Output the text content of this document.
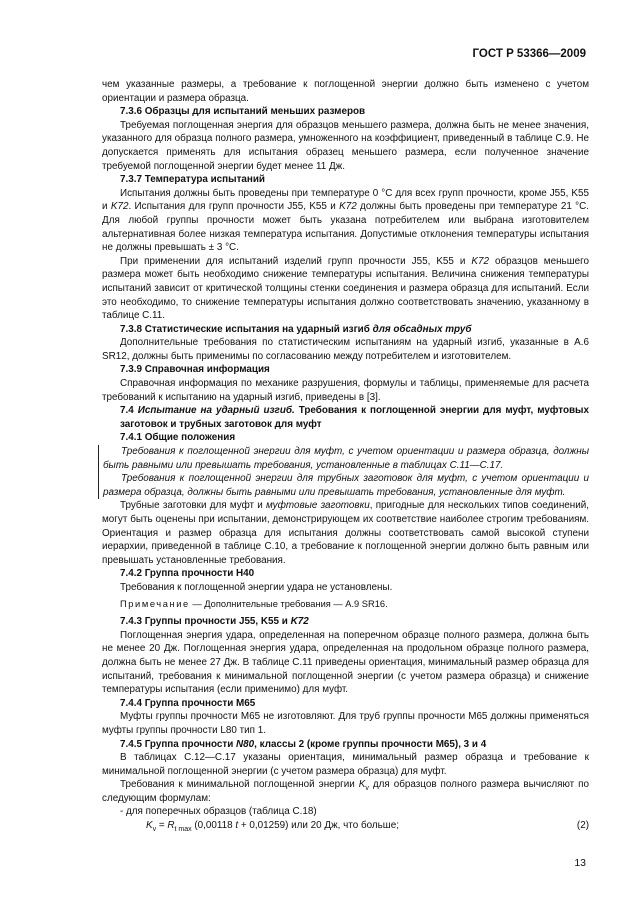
ГОСТ Р 53366—2009

чем указанные размеры, а требование к поглощенной энергии должно быть изменено с учетом ориентации и размера образца.

7.3.6 Образцы для испытаний меньших размеров

Требуемая поглощенная энергия для образцов меньшего размера, должна быть не менее значения, указанного для образца полного размера, умноженного на коэффициент, приведенный в таблице С.9. Не допускается применять для испытания образец меньшего размера, если полученное значение требуемой поглощенной энергии будет менее 11 Дж.

7.3.7 Температура испытаний

Испытания должны быть проведены при температуре 0 °С для всех групп прочности, кроме J55, K55 и K72. Испытания для групп прочности J55, K55 и K72 должны быть проведены при температуре 21 °С. Для любой группы прочности может быть указана потребителем или выбрана изготовителем альтернативная более низкая температура испытания. Допустимые отклонения температуры испытания не должны превышать ± 3 °С.

При применении для испытаний изделий групп прочности J55, K55 и K72 образцов меньшего размера может быть необходимо снижение температуры испытания. Величина снижения температуры испытаний зависит от критической толщины стенки соединения и размера образца для испытаний. Если это необходимо, то снижение температуры испытания должно соответствовать значению, указанному в таблице С.11.

7.3.8 Статистические испытания на ударный изгиб для обсадных труб

Дополнительные требования по статистическим испытаниям на ударный изгиб, указанные в А.6 SR12, должны быть применимы по согласованию между потребителем и изготовителем.

7.3.9 Справочная информация

Справочная информация по механике разрушения, формулы и таблицы, применяемые для расчета требований к испытанию на ударный изгиб, приведены в [3].

7.4 Испытание на ударный изгиб. Требования к поглощенной энергии для муфт, муфтовых заготовок и трубных заготовок для муфт

7.4.1 Общие положения

Требования к поглощенной энергии для муфт, с учетом ориентации и размера образца, должны быть равными или превышать требования, установленные в таблицах С.11—С.17.

Требования к поглощенной энергии для трубных заготовок для муфт, с учетом ориентации и размера образца, должны быть равными или превышать требования, установленные для муфт.

Трубные заготовки для муфт и муфтовые заготовки, пригодные для нескольких типов соединений, могут быть оценены при испытании, демонстрирующем их соответствие наиболее строгим требованиям. Ориентация и размер образца для испытания должны соответствовать самой высокой ступени иерархии, приведенной в таблице С.10, а требование к поглощенной энергии должно быть равным или превышать установленные требования.

7.4.2 Группа прочности Н40

Требования к поглощенной энергии удара не установлены.

Примечание — Дополнительные требования — А.9 SR16.

7.4.3 Группы прочности J55, K55 и K72

Поглощенная энергия удара, определенная на поперечном образце полного размера, должна быть не менее 20 Дж. Поглощенная энергия удара, определенная на продольном образце полного размера, должна быть не менее 27 Дж. В таблице С.11 приведены ориентация, минимальный размер образца для испытаний, требования к минимальной поглощенной энергии (с учетом размера образца) и снижение температуры испытания (если применимо) для муфт.

7.4.4 Группа прочности М65

Муфты группы прочности М65 не изготовляют. Для труб группы прочности М65 должны применяться муфты группы прочности L80 тип 1.

7.4.5 Группа прочности N80, классы 2 (кроме группы прочности М65), 3 и 4

В таблицах С.12—С.17 указаны ориентация, минимальный размер образца и требование к минимальной поглощенной энергии (с учетом размера образца) для муфт.

Требования к минимальной поглощенной энергии $K_v$ для образцов полного размера вычисляют по следующим формулам:

- для поперечных образцов (таблица С.18)

$K_v = R_{t max}$ (0,00118 t + 0,01259) или 20 Дж, что больше;	(2)

13
